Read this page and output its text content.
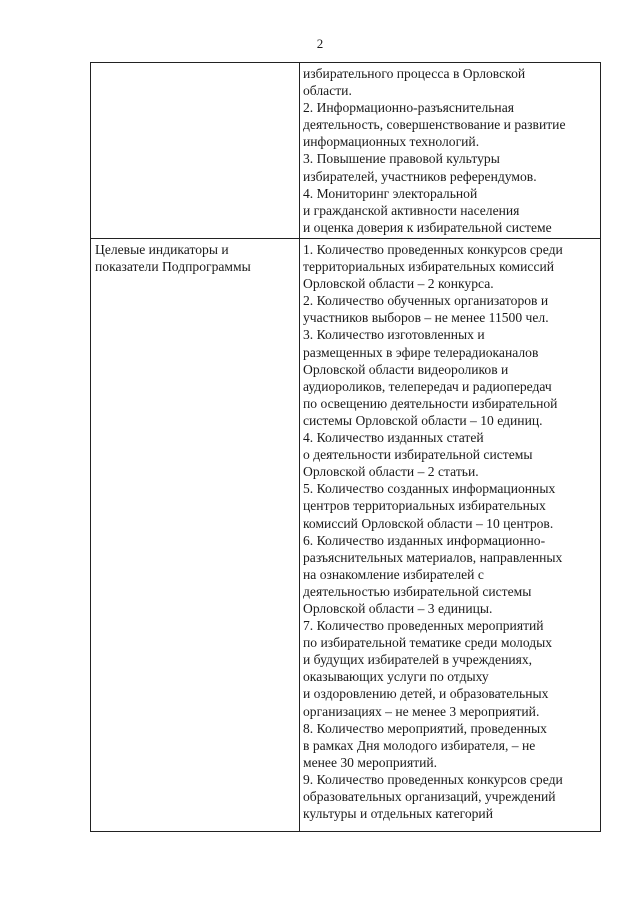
2
избирательного процесса в Орловской
области.
2. Информационно-разъяснительная
деятельность, совершенствование и развитие
информационных технологий.
3. Повышение правовой культуры
избирателей, участников референдумов.
4. Мониторинг электоральной
и гражданской активности населения
и оценка доверия к избирательной системе
Целевые индикаторы и
показатели Подпрограммы
1. Количество проведенных конкурсов среди
территориальных избирательных комиссий
Орловской области – 2 конкурса.
2. Количество обученных организаторов и
участников выборов – не менее 11500 чел.
3. Количество изготовленных и
размещенных в эфире телерадиоканалов
Орловской области видеороликов и
аудиороликов, телепередач и радиопередач
по освещению деятельности избирательной
системы Орловской области – 10 единиц.
4. Количество изданных статей
о деятельности избирательной системы
Орловской области – 2 статьи.
5. Количество созданных информационных
центров территориальных избирательных
комиссий Орловской области – 10 центров.
6. Количество изданных информационно-
разъяснительных материалов, направленных
на ознакомление избирателей с
деятельностью избирательной системы
Орловской области – 3 единицы.
7. Количество проведенных мероприятий
по избирательной тематике среди молодых
и будущих избирателей в учреждениях,
оказывающих услуги по отдыху
и оздоровлению детей, и образовательных
организациях – не менее 3 мероприятий.
8. Количество мероприятий, проведенных
в рамках Дня молодого избирателя, – не
менее 30 мероприятий.
9. Количество проведенных конкурсов среди
образовательных организаций, учреждений
культуры и отдельных категорий
